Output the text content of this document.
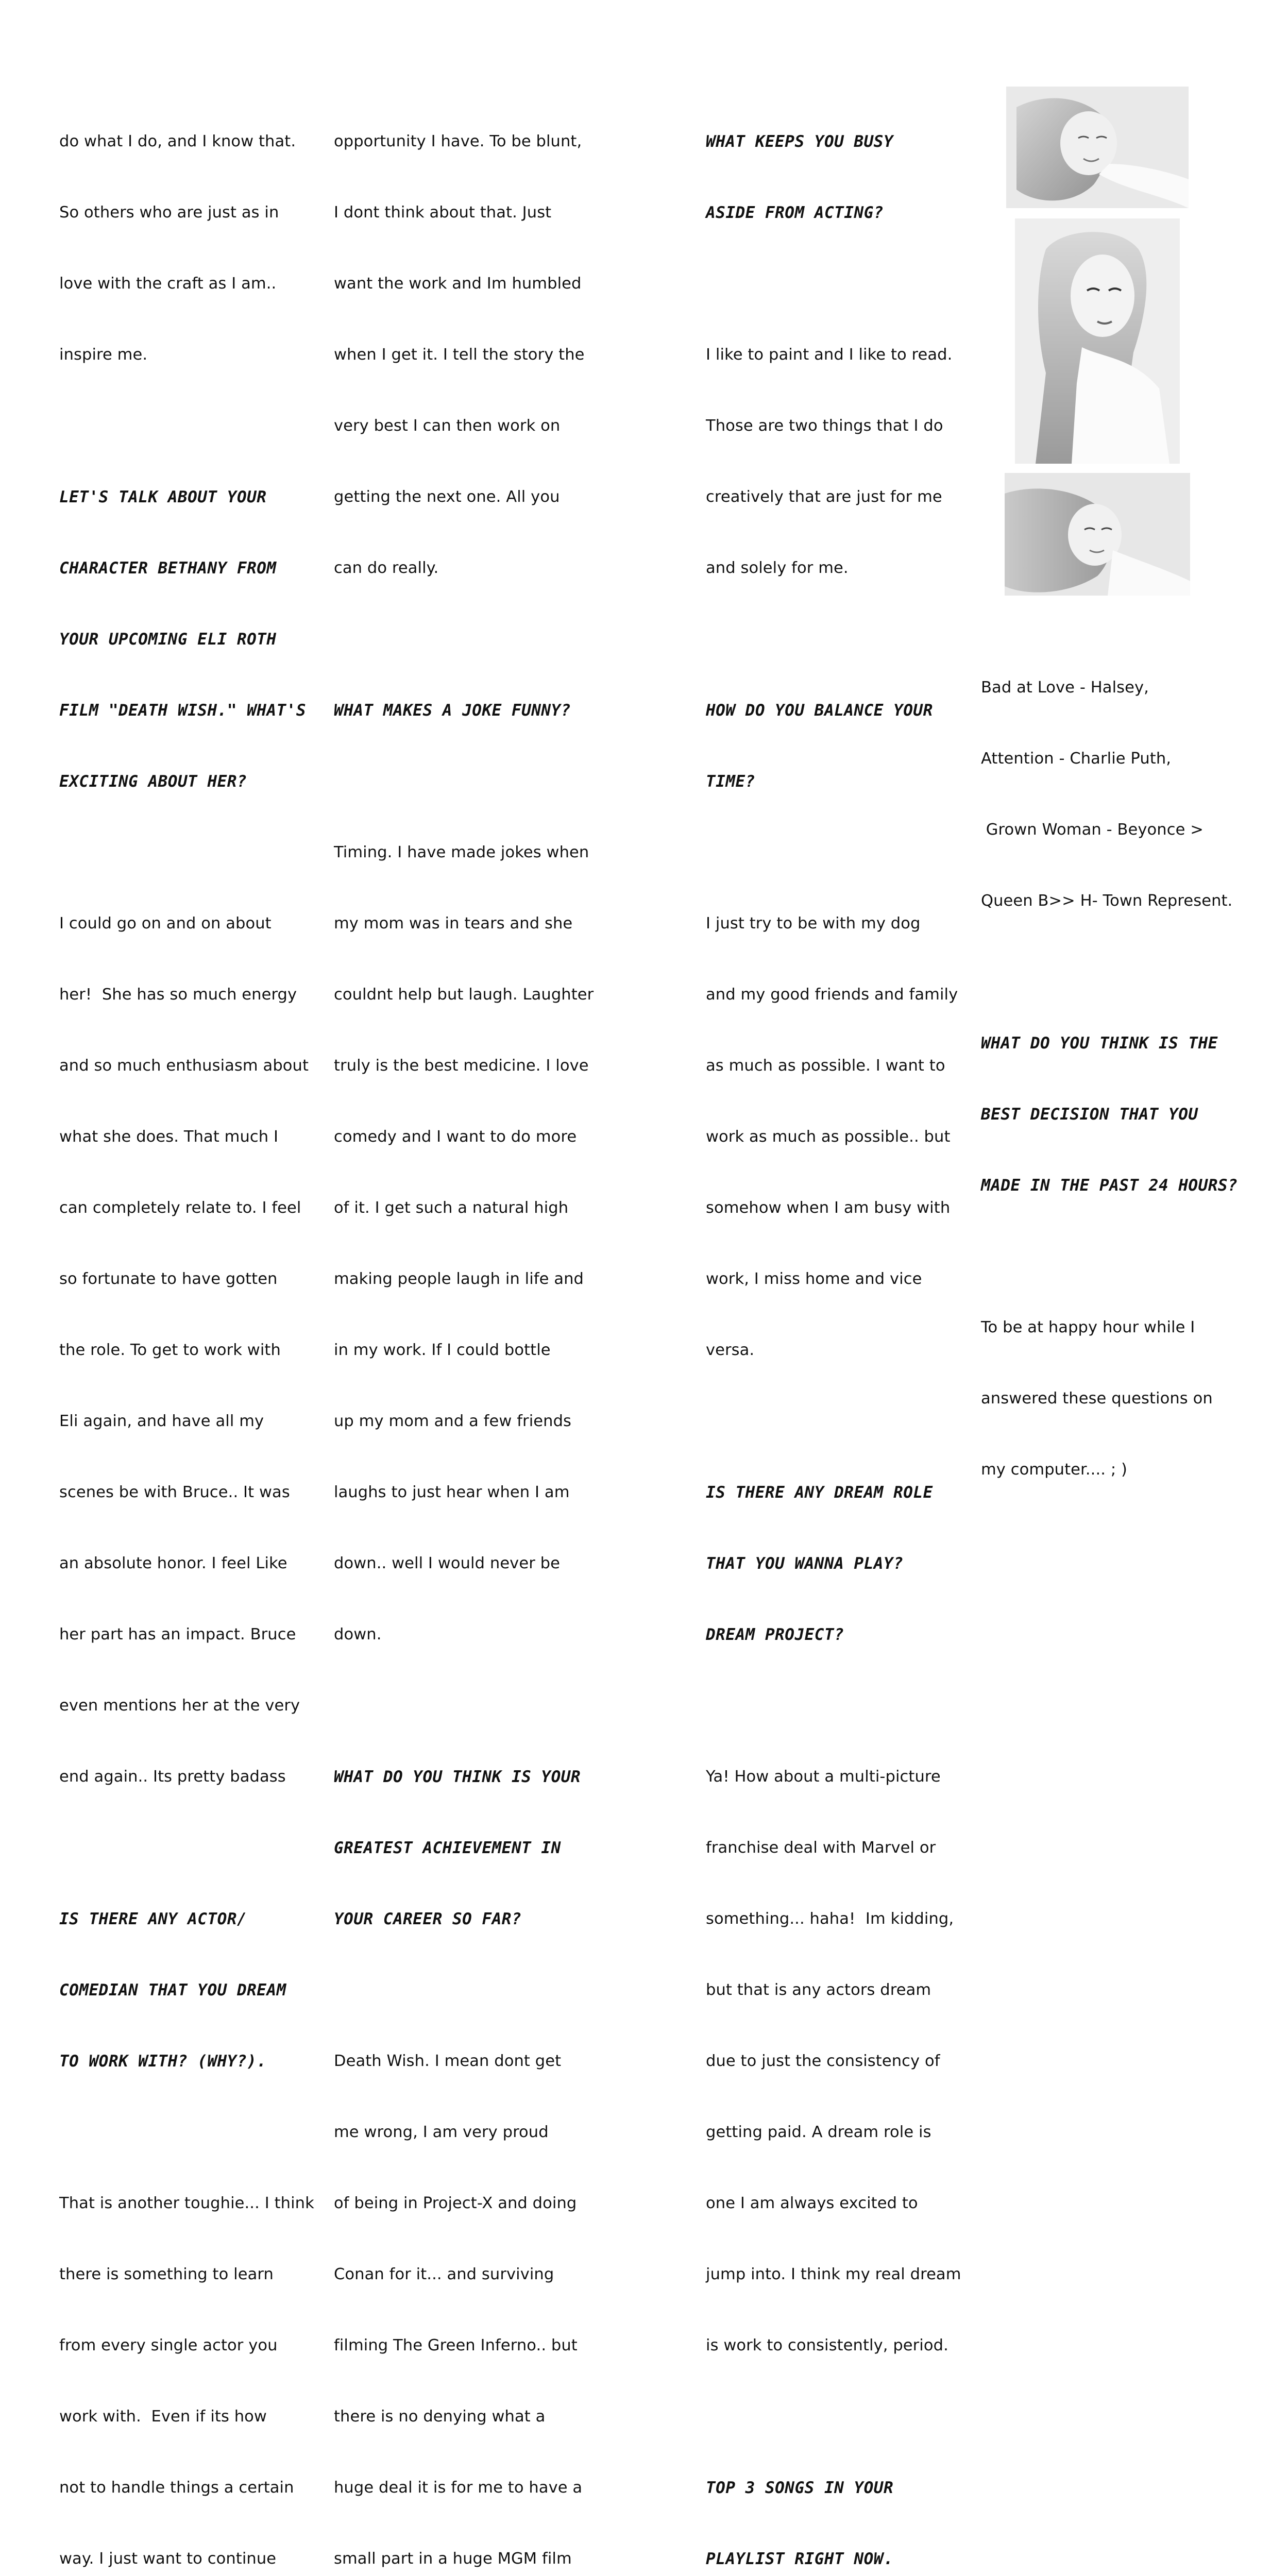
do what I do, and I know that.

So others who are just as in

love with the craft as I am..

inspire me.

LET'S TALK ABOUT YOUR

CHARACTER BETHANY FROM

YOUR UPCOMING ELI ROTH

FILM "DEATH WISH." WHAT'S

EXCITING ABOUT HER?

I could go on and on about

her!  She has so much energy

and so much enthusiasm about

what she does. That much I

can completely relate to. I feel

so fortunate to have gotten

the role. To get to work with

Eli again, and have all my

scenes be with Bruce.. It was

an absolute honor. I feel Like

her part has an impact. Bruce

even mentions her at the very

end again.. Its pretty badass

IS THERE ANY ACTOR/

COMEDIAN THAT YOU DREAM

TO WORK WITH? (WHY?).

That is another toughie... I think

there is something to learn

from every single actor you

work with.  Even if its how

not to handle things a certain

way. I just want to continue

opportunity I have. To be blunt,

I dont think about that. Just

want the work and Im humbled

when I get it. I tell the story the

very best I can then work on

getting the next one. All you

can do really.

WHAT MAKES A JOKE FUNNY?

Timing. I have made jokes when

my mom was in tears and she

couldnt help but laugh. Laughter

truly is the best medicine. I love

comedy and I want to do more

of it. I get such a natural high

making people laugh in life and

in my work. If I could bottle

up my mom and a few friends

laughs to just hear when I am

down.. well I would never be

down.

WHAT DO YOU THINK IS YOUR

GREATEST ACHIEVEMENT IN

YOUR CAREER SO FAR?

Death Wish. I mean dont get

me wrong, I am very proud

of being in Project-X and doing

Conan for it... and surviving

filming The Green Inferno.. but

there is no denying what a

huge deal it is for me to have a

small part in a huge MGM film

WHAT KEEPS YOU BUSY

ASIDE FROM ACTING?

I like to paint and I like to read.

Those are two things that I do

creatively that are just for me

and solely for me.

HOW DO YOU BALANCE YOUR

TIME?

I just try to be with my dog

and my good friends and family

as much as possible. I want to

work as much as possible.. but

somehow when I am busy with

work, I miss home and vice

versa.

IS THERE ANY DREAM ROLE

THAT YOU WANNA PLAY?

DREAM PROJECT?

Ya! How about a multi-picture

franchise deal with Marvel or

something... haha!  Im kidding,

but that is any actors dream

due to just the consistency of

getting paid. A dream role is

one I am always excited to

jump into. I think my real dream

is work to consistently, period.

TOP 3 SONGS IN YOUR

PLAYLIST RIGHT NOW.

Bad at Love - Halsey,

Attention - Charlie Puth,

Grown Woman - Beyonce >

Queen B>> H- Town Represent.

WHAT DO YOU THINK IS THE

BEST DECISION THAT YOU

MADE IN THE PAST 24 HOURS?

To be at happy hour while I

answered these questions on

my computer.... ; )
